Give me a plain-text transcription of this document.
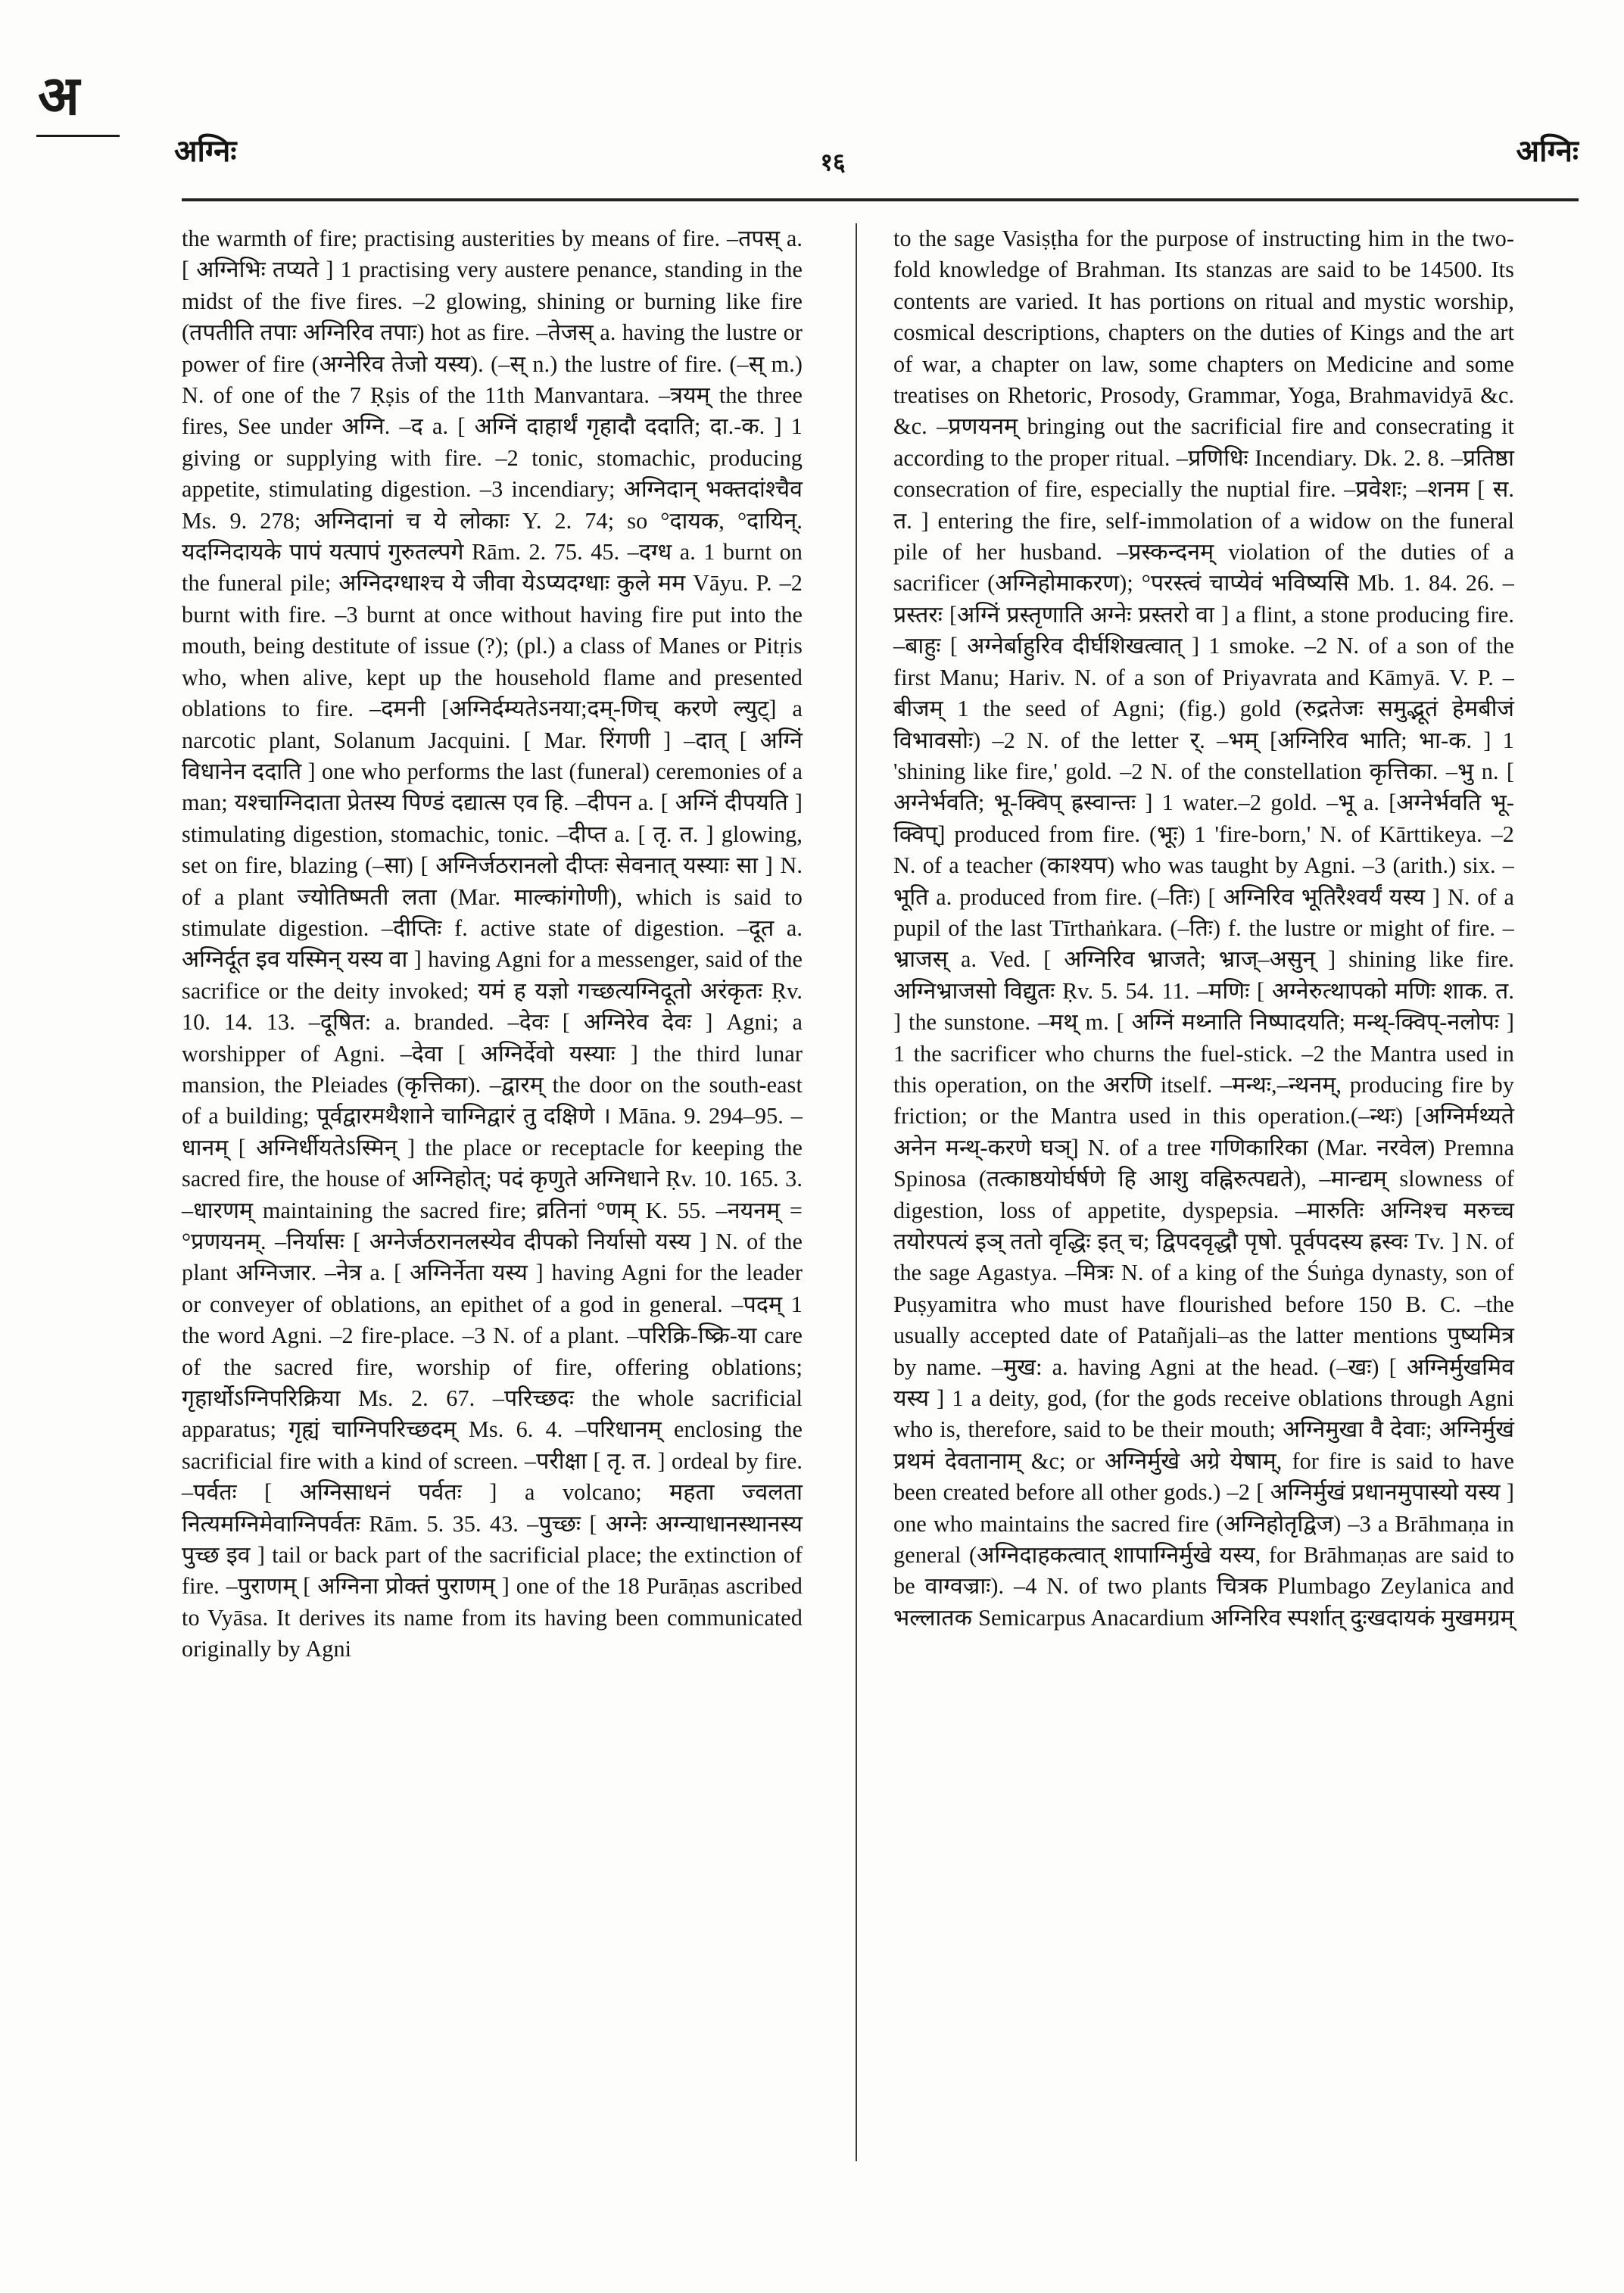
अ
अग्निः	१६	अग्निः

the warmth of fire; practising austerities by means of fire. –तपस् a. [ अग्निभिः तप्यते ] 1 practising very austere penance, standing in the midst of the five fires. –2 glowing, shining or burning like fire (तपतीति तपाः अग्निरिव तपाः) hot as fire. –तेजस् a. having the lustre or power of fire (अग्नेरिव तेजो यस्य). (–स् n.) the lustre of fire. (–स् m.) N. of one of the 7 Ṛṣis of the 11th Manvantara. –त्रयम् the three fires, See under अग्नि. –द a. [ अग्निं दाहार्थं गृहादौ ददाति; दा.-क. ] 1 giving or supplying with fire. –2 tonic, stomachic, producing appetite, stimulating digestion. –3 incendiary; अग्निदान् भक्तदांश्चैव Ms. 9. 278; अग्निदानां च ये लोकाः Y. 2. 74; so °दायक, °दायिन्. यदग्निदायके पापं यत्पापं गुरुतल्पगे Rām. 2. 75. 45. –दग्ध a. 1 burnt on the funeral pile; अग्निदग्धाश्च ये जीवा येऽप्यदग्धाः कुले मम Vāyu. P. –2 burnt with fire. –3 burnt at once without having fire put into the mouth, being destitute of issue (?); (pl.) a class of Manes or Pitṛis who, when alive, kept up the household flame and presented oblations to fire. –दमनी [अग्निर्दम्यतेऽनया;दम्-णिच् करणे ल्युट्] a narcotic plant, Solanum Jacquini. [ Mar. रिंगणी ] –दात् [ अग्निं विधानेन ददाति ] one who performs the last (funeral) ceremonies of a man; यश्चाग्निदाता प्रेतस्य पिण्डं दद्यात्स एव हि. –दीपन a. [ अग्निं दीपयति ] stimulating digestion, stomachic, tonic. –दीप्त a. [ तृ. त. ] glowing, set on fire, blazing (–सा) [ अग्निर्जठरानलो दीप्तः सेवनात् यस्याः सा ] N. of a plant ज्योतिष्मती लता (Mar. माल्कांगोणी), which is said to stimulate digestion. –दीप्तिः f. active state of digestion. –दूत a. अग्निर्दूत इव यस्मिन् यस्य वा ] having Agni for a messenger, said of the sacrifice or the deity invoked; यमं ह यज्ञो गच्छत्यग्निदूतो अरंकृतः Ṛv. 10. 14. 13. –दूषित: a. branded. –देवः [ अग्निरेव देवः ] Agni; a worshipper of Agni. –देवा [ अग्निर्देवो यस्याः ] the third lunar mansion, the Pleiades (कृत्तिका). –द्वारम् the door on the south-east of a building; पूर्वद्वारमथैशाने चाग्निद्वारं तु दक्षिणे । Māna. 9. 294–95. –धानम् [ अग्निर्धीयतेऽस्मिन् ] the place or receptacle for keeping the sacred fire, the house of अग्निहोत्; पदं कृणुते अग्निधाने Ṛv. 10. 165. 3. –धारणम् maintaining the sacred fire; व्रतिनां °णम् K. 55. –नयनम् = °प्रणयनम्. –निर्यासः [ अग्नेर्जठरानलस्येव दीपको निर्यासो यस्य ] N. of the plant अग्निजार. –नेत्र a. [ अग्निर्नेता यस्य ] having Agni for the leader or conveyer of oblations, an epithet of a god in general. –पदम् 1 the word Agni. –2 fire-place. –3 N. of a plant. –परिक्रि-ष्क्रि-या care of the sacred fire, worship of fire, offering oblations; गृहार्थोऽग्निपरिक्रिया Ms. 2. 67. –परिच्छदः the whole sacrificial apparatus; गृह्यं चाग्निपरिच्छदम् Ms. 6. 4. –परिधानम् enclosing the sacrificial fire with a kind of screen. –परीक्षा [ तृ. त. ] ordeal by fire. –पर्वतः [ अग्निसाधनं पर्वतः ] a volcano; महता ज्वलता नित्यमग्निमेवाग्निपर्वतः Rām. 5. 35. 43. –पुच्छः [ अग्नेः अग्न्याधानस्थानस्य पुच्छ इव ] tail or back part of the sacrificial place; the extinction of fire. –पुराणम् [ अग्निना प्रोक्तं पुराणम् ] one of the 18 Purāṇas ascribed to Vyāsa. It derives its name from its having been communicated originally by Agni

to the sage Vasiṣṭha for the purpose of instructing him in the two-fold knowledge of Brahman. Its stanzas are said to be 14500. Its contents are varied. It has portions on ritual and mystic worship, cosmical descriptions, chapters on the duties of Kings and the art of war, a chapter on law, some chapters on Medicine and some treatises on Rhetoric, Prosody, Grammar, Yoga, Brahmavidyā &c. &c. –प्रणयनम् bringing out the sacrificial fire and consecrating it according to the proper ritual. –प्रणिधिः Incendiary. Dk. 2. 8. –प्रतिष्ठा consecration of fire, especially the nuptial fire. –प्रवेशः; –शनम [ स. त. ] entering the fire, self-immolation of a widow on the funeral pile of her husband. –प्रस्कन्दनम् violation of the duties of a sacrificer (अग्निहोमाकरण); °परस्त्वं चाप्येवं भविष्यसि Mb. 1. 84. 26. –प्रस्तरः [अग्निं प्रस्तृणाति अग्नेः प्रस्तरो वा ] a flint, a stone producing fire. –बाहुः [ अग्नेर्बाहुरिव दीर्घशिखत्वात् ] 1 smoke. –2 N. of a son of the first Manu; Hariv. N. of a son of Priyavrata and Kāmyā. V. P. –बीजम् 1 the seed of Agni; (fig.) gold (रुद्रतेजः समुद्भूतं हेमबीजं विभावसोः) –2 N. of the letter र्. –भम् [अग्निरिव भाति; भा-क. ] 1 'shining like fire,' gold. –2 N. of the constellation कृत्तिका. –भु n. [ अग्नेर्भवति; भू-क्विप् ह्रस्वान्तः ] 1 water.–2 gold. –भू a. [अग्नेर्भवति भू-क्विप्] produced from fire. (भूः) 1 'fire-born,' N. of Kārttikeya. –2 N. of a teacher (काश्यप) who was taught by Agni. –3 (arith.) six. –भूति a. produced from fire. (–तिः) [ अग्निरिव भूतिरैश्वर्यं यस्य ] N. of a pupil of the last Tīrthaṅkara. (–तिः) f. the lustre or might of fire. –भ्राजस् a. Ved. [ अग्निरिव भ्राजते; भ्राज्–असुन् ] shining like fire. अग्निभ्राजसो विद्युतः Ṛv. 5. 54. 11. –मणिः [ अग्नेरुत्थापको मणिः शाक. त. ] the sunstone. –मथ् m. [ अग्निं मथ्नाति निष्पादयति; मन्थ्-क्विप्-नलोपः ] 1 the sacrificer who churns the fuel-stick. –2 the Mantra used in this operation, on the अरणि itself. –मन्थः,–न्थनम्, producing fire by friction; or the Mantra used in this operation.(–न्थः) [अग्निर्मथ्यते अनेन मन्थ्-करणे घञ्] N. of a tree गणिकारिका (Mar. नरवेल) Premna Spinosa (तत्काष्ठयोर्घर्षणे हि आशु वह्निरुत्पद्यते), –मान्द्यम् slowness of digestion, loss of appetite, dyspepsia. –मारुतिः अग्निश्च मरुच्च तयोरपत्यं इञ् ततो वृद्धिः इत् च; द्विपदवृद्धौ पृषो. पूर्वपदस्य ह्रस्वः Tv. ] N. of the sage Agastya. –मित्रः N. of a king of the Śuṅga dynasty, son of Puṣyamitra who must have flourished before 150 B. C. –the usually accepted date of Patañjali–as the latter mentions पुष्यमित्र by name. –मुख: a. having Agni at the head. (–खः) [ अग्निर्मुखमिव यस्य ] 1 a deity, god, (for the gods receive oblations through Agni who is, therefore, said to be their mouth; अग्निमुखा वै देवाः; अग्निर्मुखं प्रथमं देवतानाम् &c; or अग्निर्मुखे अग्रे येषाम्, for fire is said to have been created before all other gods.) –2 [ अग्निर्मुखं प्रधानमुपास्यो यस्य ] one who maintains the sacred fire (अग्निहोतृद्विज) –3 a Brāhmaṇa in general (अग्निदाहकत्वात् शापाग्निर्मुखे यस्य, for Brāhmaṇas are said to be वाग्वज्राः). –4 N. of two plants चित्रक Plumbago Zeylanica and भल्लातक Semicarpus Anacardium अग्निरिव स्पर्शात् दुःखदायकं मुखमग्रम्
